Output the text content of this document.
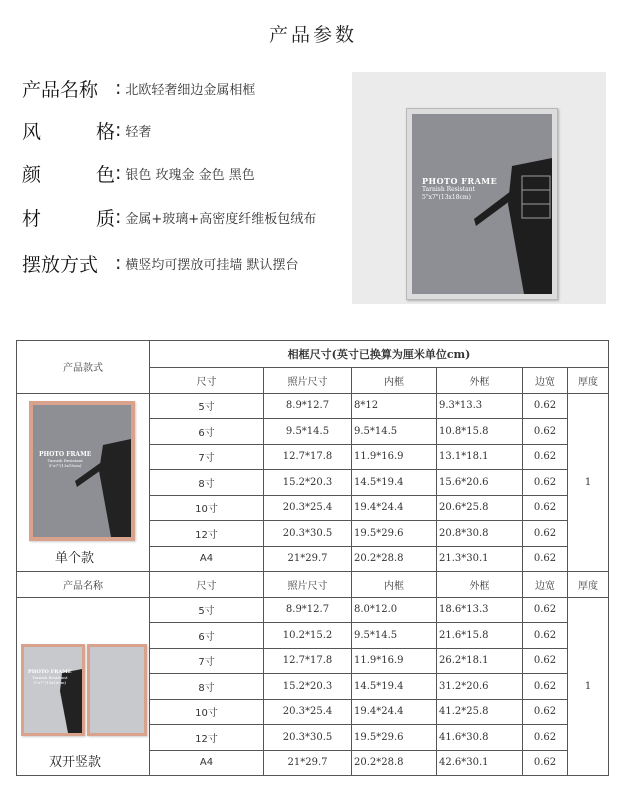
产品参数
产品名称 : 北欧轻奢细边金属相框
风	格 : 轻奢
颜	色 : 银色 玫瑰金 金色 黑色
材	质 : 金属+玻璃+高密度纤维板包绒布
摆放方式 : 横竖均可摆放可挂墙 默认摆台
PHOTO FRAME
Tarnish Resistant
5"x7"(13x18cm)
产品款式	相框尺寸(英寸已换算为厘米单位cm)					
	尺寸	照片尺寸	内框	外框	边宽	厚度

PHOTO FRAME
Tarnish Resistant
5"x7"(13x18cm)
单个款	5寸	8.9*12.7	8*12	9.3*13.3	0.62	1
	6寸	9.5*14.5	9.5*14.5	10.8*15.8	0.62	
	7寸	12.7*17.8	11.9*16.9	13.1*18.1	0.62	
	8寸	15.2*20.3	14.5*19.4	15.6*20.6	0.62	
	10寸	20.3*25.4	19.4*24.4	20.6*25.8	0.62	
	12寸	20.3*30.5	19.5*29.6	20.8*30.8	0.62	
	A4	21*29.7	20.2*28.8	21.3*30.1	0.62	
产品名称	尺寸	照片尺寸	内框	外框	边宽	厚度

PHOTO FRAME
Tarnish Resistant
5"x7"(13x18cm)
双开竖款	5寸	8.9*12.7	8.0*12.0	18.6*13.3	0.62	1
	6寸	10.2*15.2	9.5*14.5	21.6*15.8	0.62	
	7寸	12.7*17.8	11.9*16.9	26.2*18.1	0.62	
	8寸	15.2*20.3	14.5*19.4	31.2*20.6	0.62	
	10寸	20.3*25.4	19.4*24.4	41.2*25.8	0.62	
	12寸	20.3*30.5	19.5*29.6	41.6*30.8	0.62	
	A4	21*29.7	20.2*28.8	42.6*30.1	0.62	
